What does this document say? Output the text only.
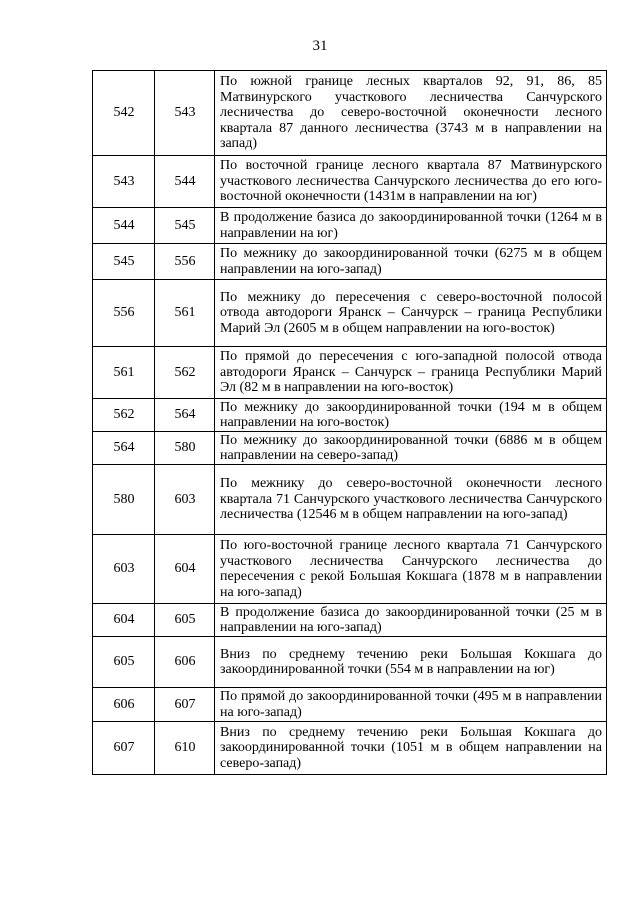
31
542	543	По южной границе лесных кварталов 92, 91, 86, 85 Матвинурского участкового лесничества Санчурского лесничества до северо-восточной оконечности лесного квартала 87 данного лесничества (3743 м в направлении на запад)
543	544	По восточной границе лесного квартала 87 Матвинурского участкового лесничества Санчурского лесничества до его юго-восточной оконечности (1431м в направлении на юг)
544	545	В продолжение базиса до закоординированной точки (1264 м в направлении на юг)
545	556	По межнику до закоординированной точки (6275 м в общем направлении на юго-запад)
556	561	По межнику до пересечения с северо-восточной полосой отвода автодороги Яранск – Санчурск – граница Республики Марий Эл (2605 м в общем направлении на юго-восток)
561	562	По прямой до пересечения с юго-западной полосой отвода автодороги Яранск – Санчурск – граница Республики Марий Эл (82 м в направлении на юго-восток)
562	564	По межнику до закоординированной точки (194 м в общем направлении на юго-восток)
564	580	По межнику до закоординированной точки (6886 м в общем направлении на северо-запад)
580	603	По межнику до северо-восточной оконечности лесного квартала 71 Санчурского участкового лесничества Санчурского лесничества (12546 м в общем направлении на юго-запад)
603	604	По юго-восточной границе лесного квартала 71 Санчурского участкового лесничества Санчурского лесничества до пересечения с рекой Большая Кокшага (1878 м в направлении на юго-запад)
604	605	В продолжение базиса до закоординированной точки (25 м в направлении на юго-запад)
605	606	Вниз по среднему течению реки Большая Кокшага до закоординированной точки (554 м в направлении на юг)
606	607	По прямой до закоординированной точки (495 м в направлении на юго-запад)
607	610	Вниз по среднему течению реки Большая Кокшага до закоординированной точки (1051 м в общем направлении на северо-запад)
